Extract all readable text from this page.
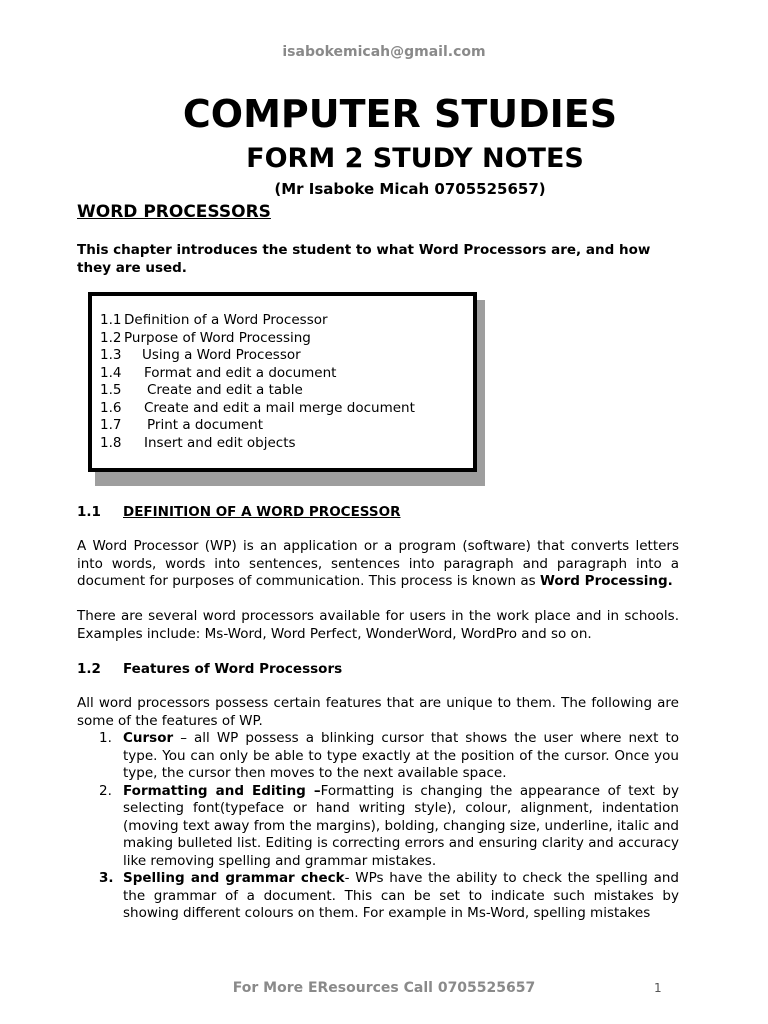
isabokemicah@gmail.com
COMPUTER STUDIES
FORM 2 STUDY NOTES
(Mr Isaboke Micah 0705525657)
WORD PROCESSORS
This chapter introduces the student to what Word Processors are, and how they are used.
1.1 Definition of a Word Processor
1.2 Purpose of Word Processing
1.3	Using a Word Processor
1.4	Format and edit a document
1.5	Create and edit a table
1.6	Create and edit a mail merge document
1.7	Print a document
1.8	Insert and edit objects
1.1 DEFINITION OF A WORD PROCESSOR
A Word Processor (WP) is an application or a program (software) that converts letters into words, words into sentences, sentences into paragraph and paragraph into a document for purposes of communication. This process is known as Word Processing.
There are several word processors available for users in the work place and in schools. Examples include: Ms-Word, Word Perfect, WonderWord, WordPro and so on.
1.2 Features of Word Processors
All word processors possess certain features that are unique to them. The following are some of the features of WP.
1. Cursor – all WP possess a blinking cursor that shows the user where next to type. You can only be able to type exactly at the position of the cursor. Once you type, the cursor then moves to the next available space.
2. Formatting and Editing –Formatting is changing the appearance of text by selecting font(typeface or hand writing style), colour, alignment, indentation (moving text away from the margins), bolding, changing size, underline, italic and making bulleted list. Editing is correcting errors and ensuring clarity and accuracy like removing spelling and grammar mistakes.
3. Spelling and grammar check- WPs have the ability to check the spelling and the grammar of a document. This can be set to indicate such mistakes by showing different colours on them. For example in Ms-Word, spelling mistakes
For More EResources Call 0705525657	1
